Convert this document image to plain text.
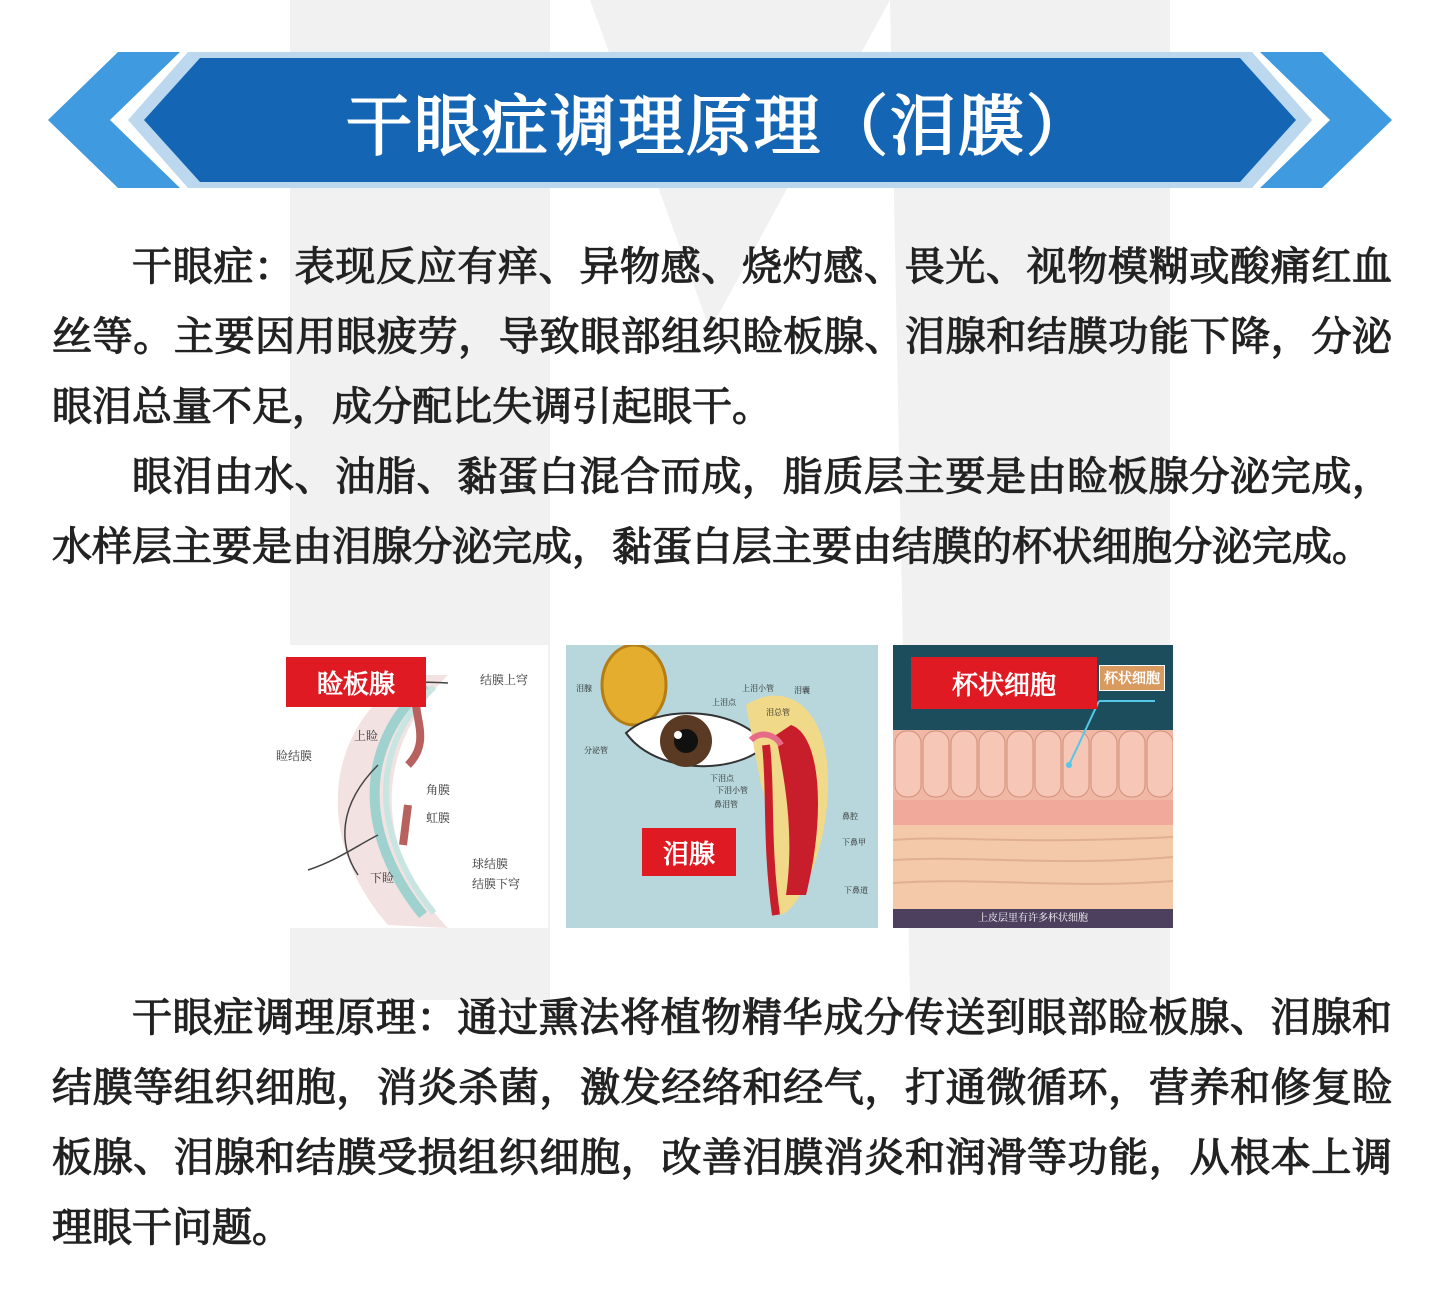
干眼症调理原理（泪膜）

干眼症：表现反应有痒、异物感、烧灼感、畏光、视物模糊或酸痛红血丝等。主要因用眼疲劳，导致眼部组织睑板腺、泪腺和结膜功能下降，分泌眼泪总量不足，成分配比失调引起眼干。

眼泪由水、油脂、黏蛋白混合而成，脂质层主要是由睑板腺分泌完成，水样层主要是由泪腺分泌完成，黏蛋白层主要由结膜的杯状细胞分泌完成。

睑板腺	结膜上穹
上睑
睑结膜
角膜
虹膜
球结膜
下睑	结膜下穹
泪腺
泪腺
分泌管
上泪点
上泪小管	泪囊
泪总管
下泪点
下泪小管
鼻泪管
鼻腔
下鼻甲
下鼻道
杯状细胞	杯状细胞
上皮层里有许多杯状细胞

干眼症调理原理：通过熏法将植物精华成分传送到眼部睑板腺、泪腺和结膜等组织细胞，消炎杀菌，激发经络和经气，打通微循环，营养和修复睑板腺、泪腺和结膜受损组织细胞，改善泪膜消炎和润滑等功能，从根本上调理眼干问题。
